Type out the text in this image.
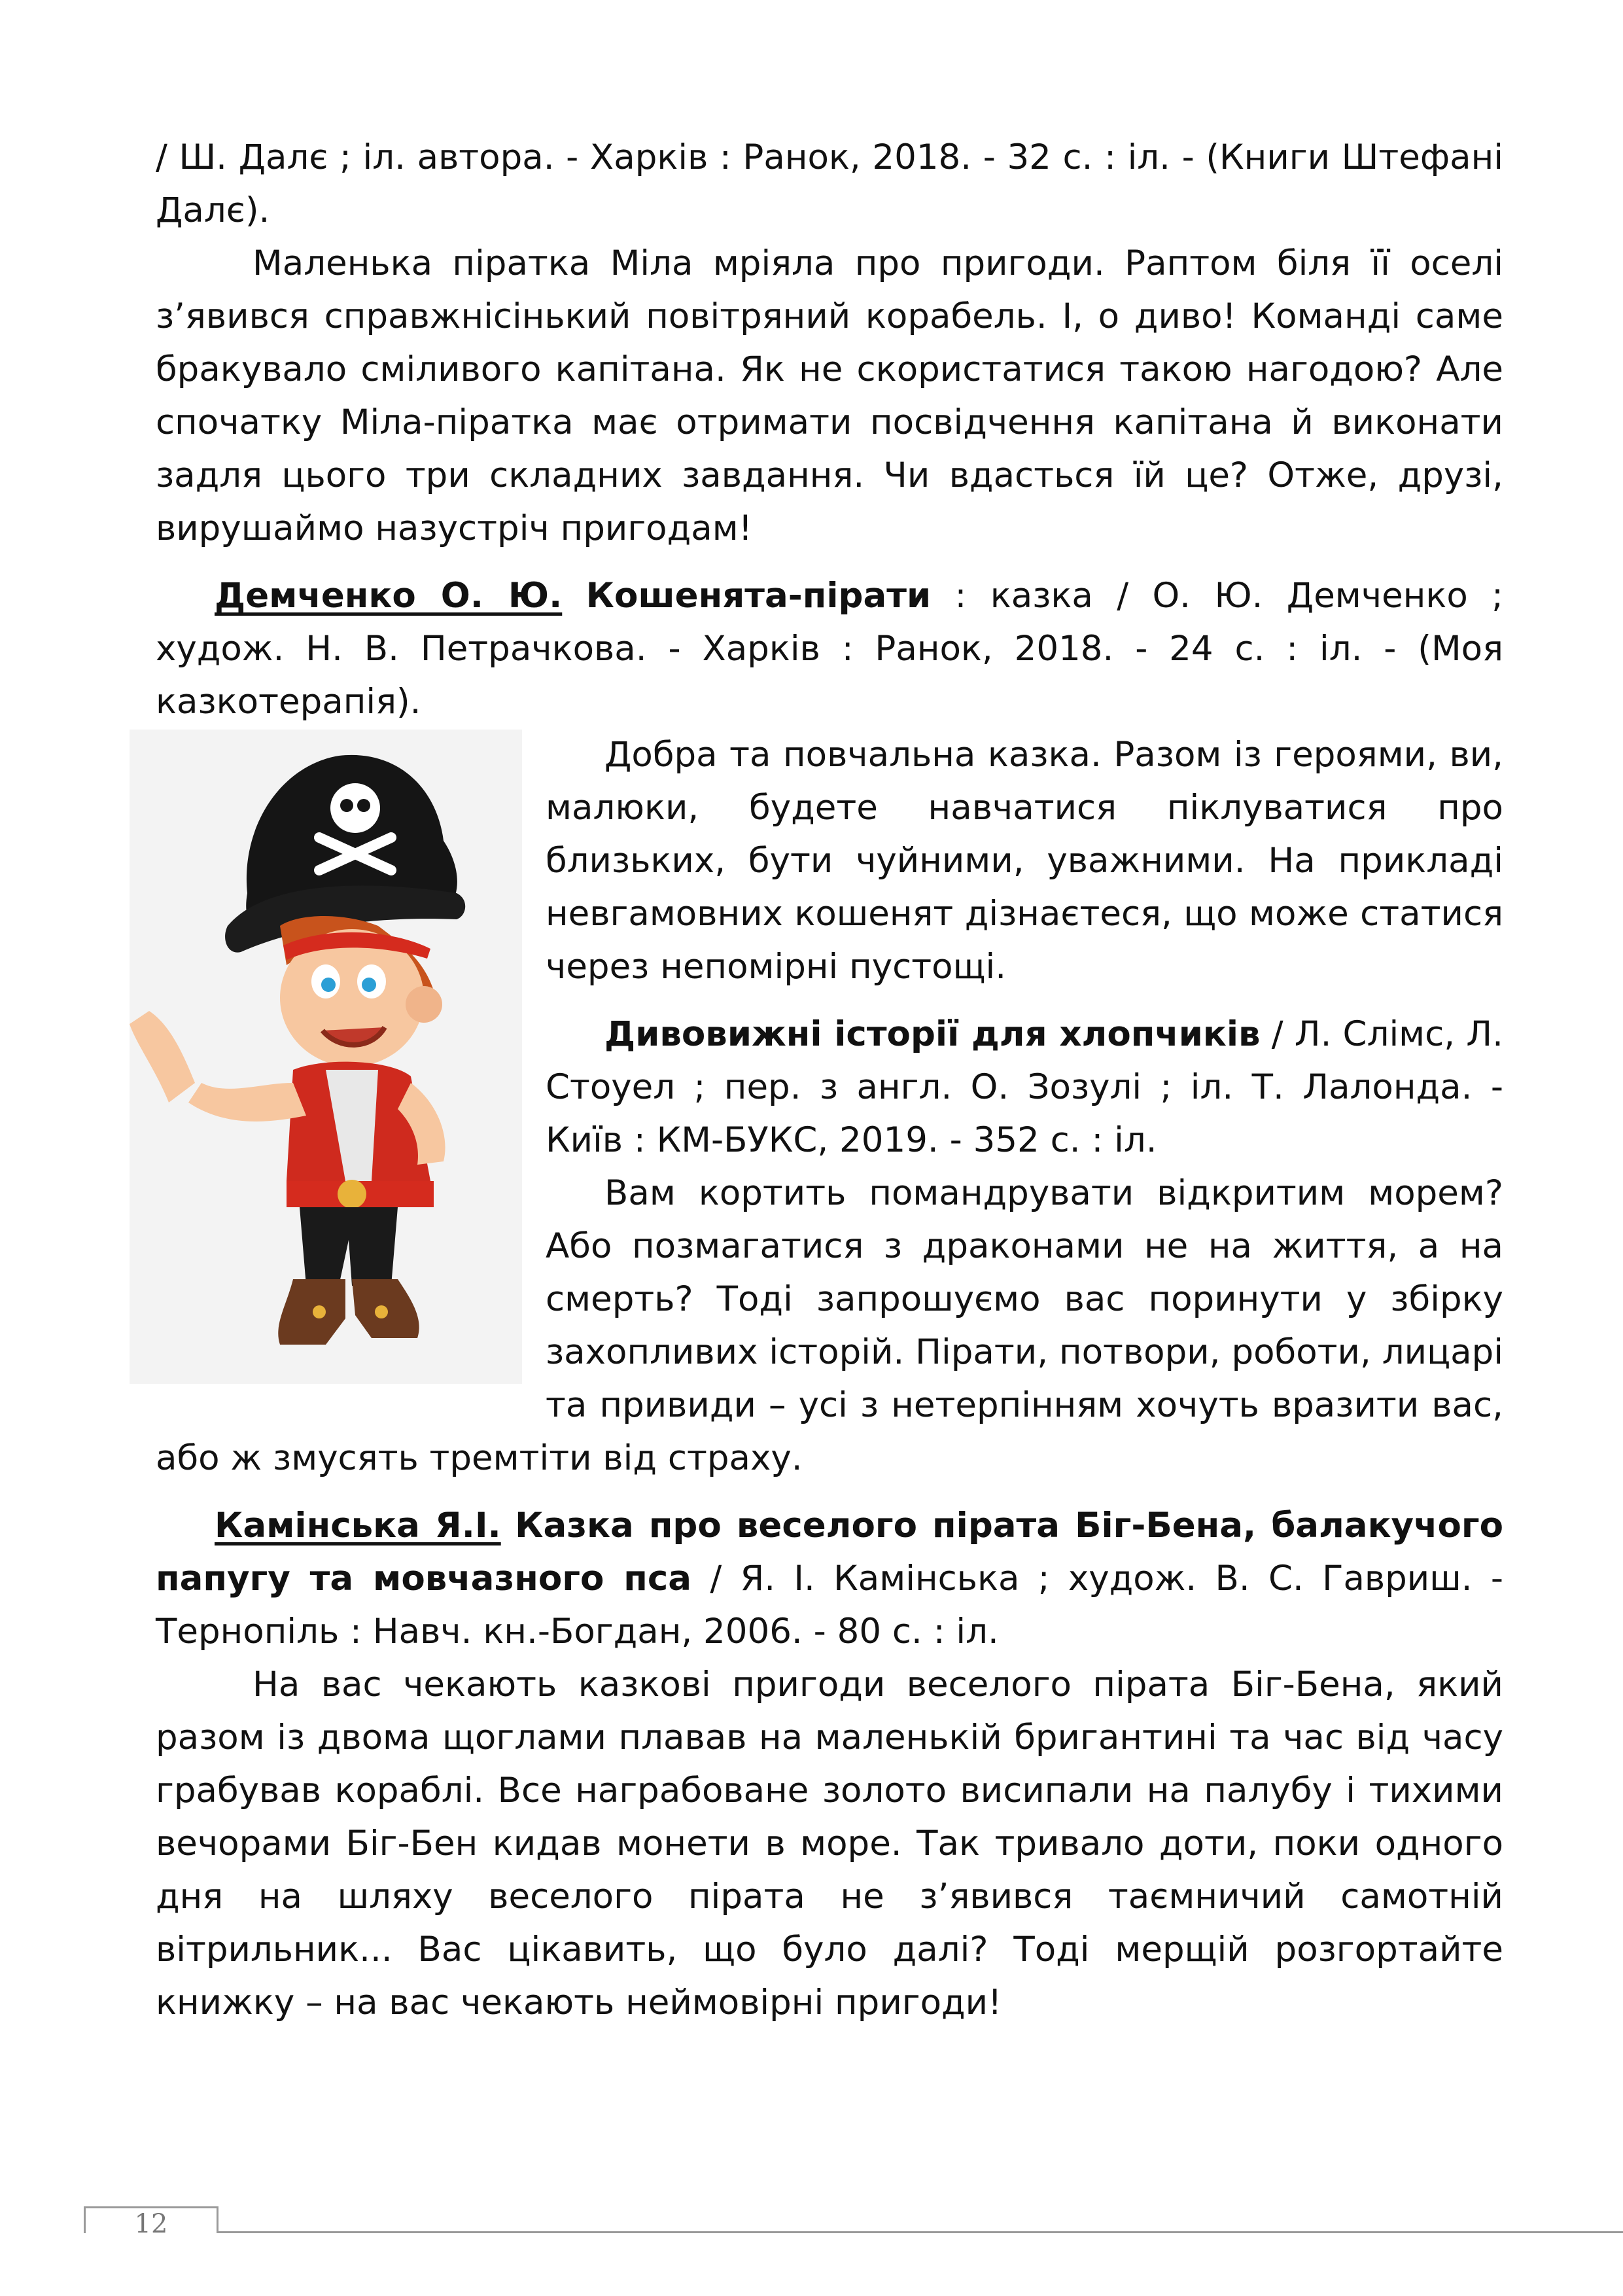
/ Ш. Далє ; іл. автора. - Харків : Ранок, 2018. - 32 с. : іл. - (Книги Штефані Далє).

Маленька піратка Міла мріяла про пригоди. Раптом біля її оселі з’явився справжнісінький повітряний корабель. І, о диво! Команді саме бракувало сміливого капітана. Як не скористатися такою нагодою? Але спочатку Міла-піратка має отримати посвідчення капітана й виконати задля цього три складних завдання. Чи вдасться їй це? Отже, друзі, вирушаймо назустріч пригодам!

Демченко О. Ю. Кошенята-пірати : казка / О. Ю. Демченко ; худож. Н. В. Петрачкова. - Харків : Ранок, 2018. - 24 с. : іл. - (Моя казкотерапія).

Добра та повчальна казка. Разом із героями, ви, малюки, будете навчатися піклуватися про близьких, бути чуйними, уважними. На прикладі невгамовних кошенят дізнаєтеся, що може статися через непомірні пустощі.

Дивовижні історії для хлопчиків / Л. Слімс, Л. Стоуел ; пер. з англ. О. Зозулі ; іл. Т. Лалонда. - Київ : КМ-БУКС, 2019. - 352 с. : іл.

Вам кортить помандрувати відкритим морем? Або позмагатися з драконами не на життя, а на смерть? Тоді запрошуємо вас поринути у збірку захопливих історій. Пірати, потвори, роботи, лицарі та привиди – усі з нетерпінням хочуть вразити вас, або ж змусять тремтіти від страху.

Камінська Я.І. Казка про веселого пірата Біг-Бена, балакучого папугу та мовчазного пса / Я. І. Камінська ; худож. В. С. Гавриш. - Тернопіль : Навч. кн.-Богдан, 2006. - 80 с. : іл.

На вас чекають казкові пригоди веселого пірата Біг-Бена, який разом із двома щоглами плавав на маленькій бригантині та час від часу грабував кораблі. Все награбоване золото висипали на палубу і тихими вечорами Біг-Бен кидав монети в море. Так тривало доти, поки одного дня на шляху веселого пірата не з’явився таємничий самотній вітрильник... Вас цікавить, що було далі? Тоді мерщій розгортайте книжку – на вас чекають неймовірні пригоди!

12
